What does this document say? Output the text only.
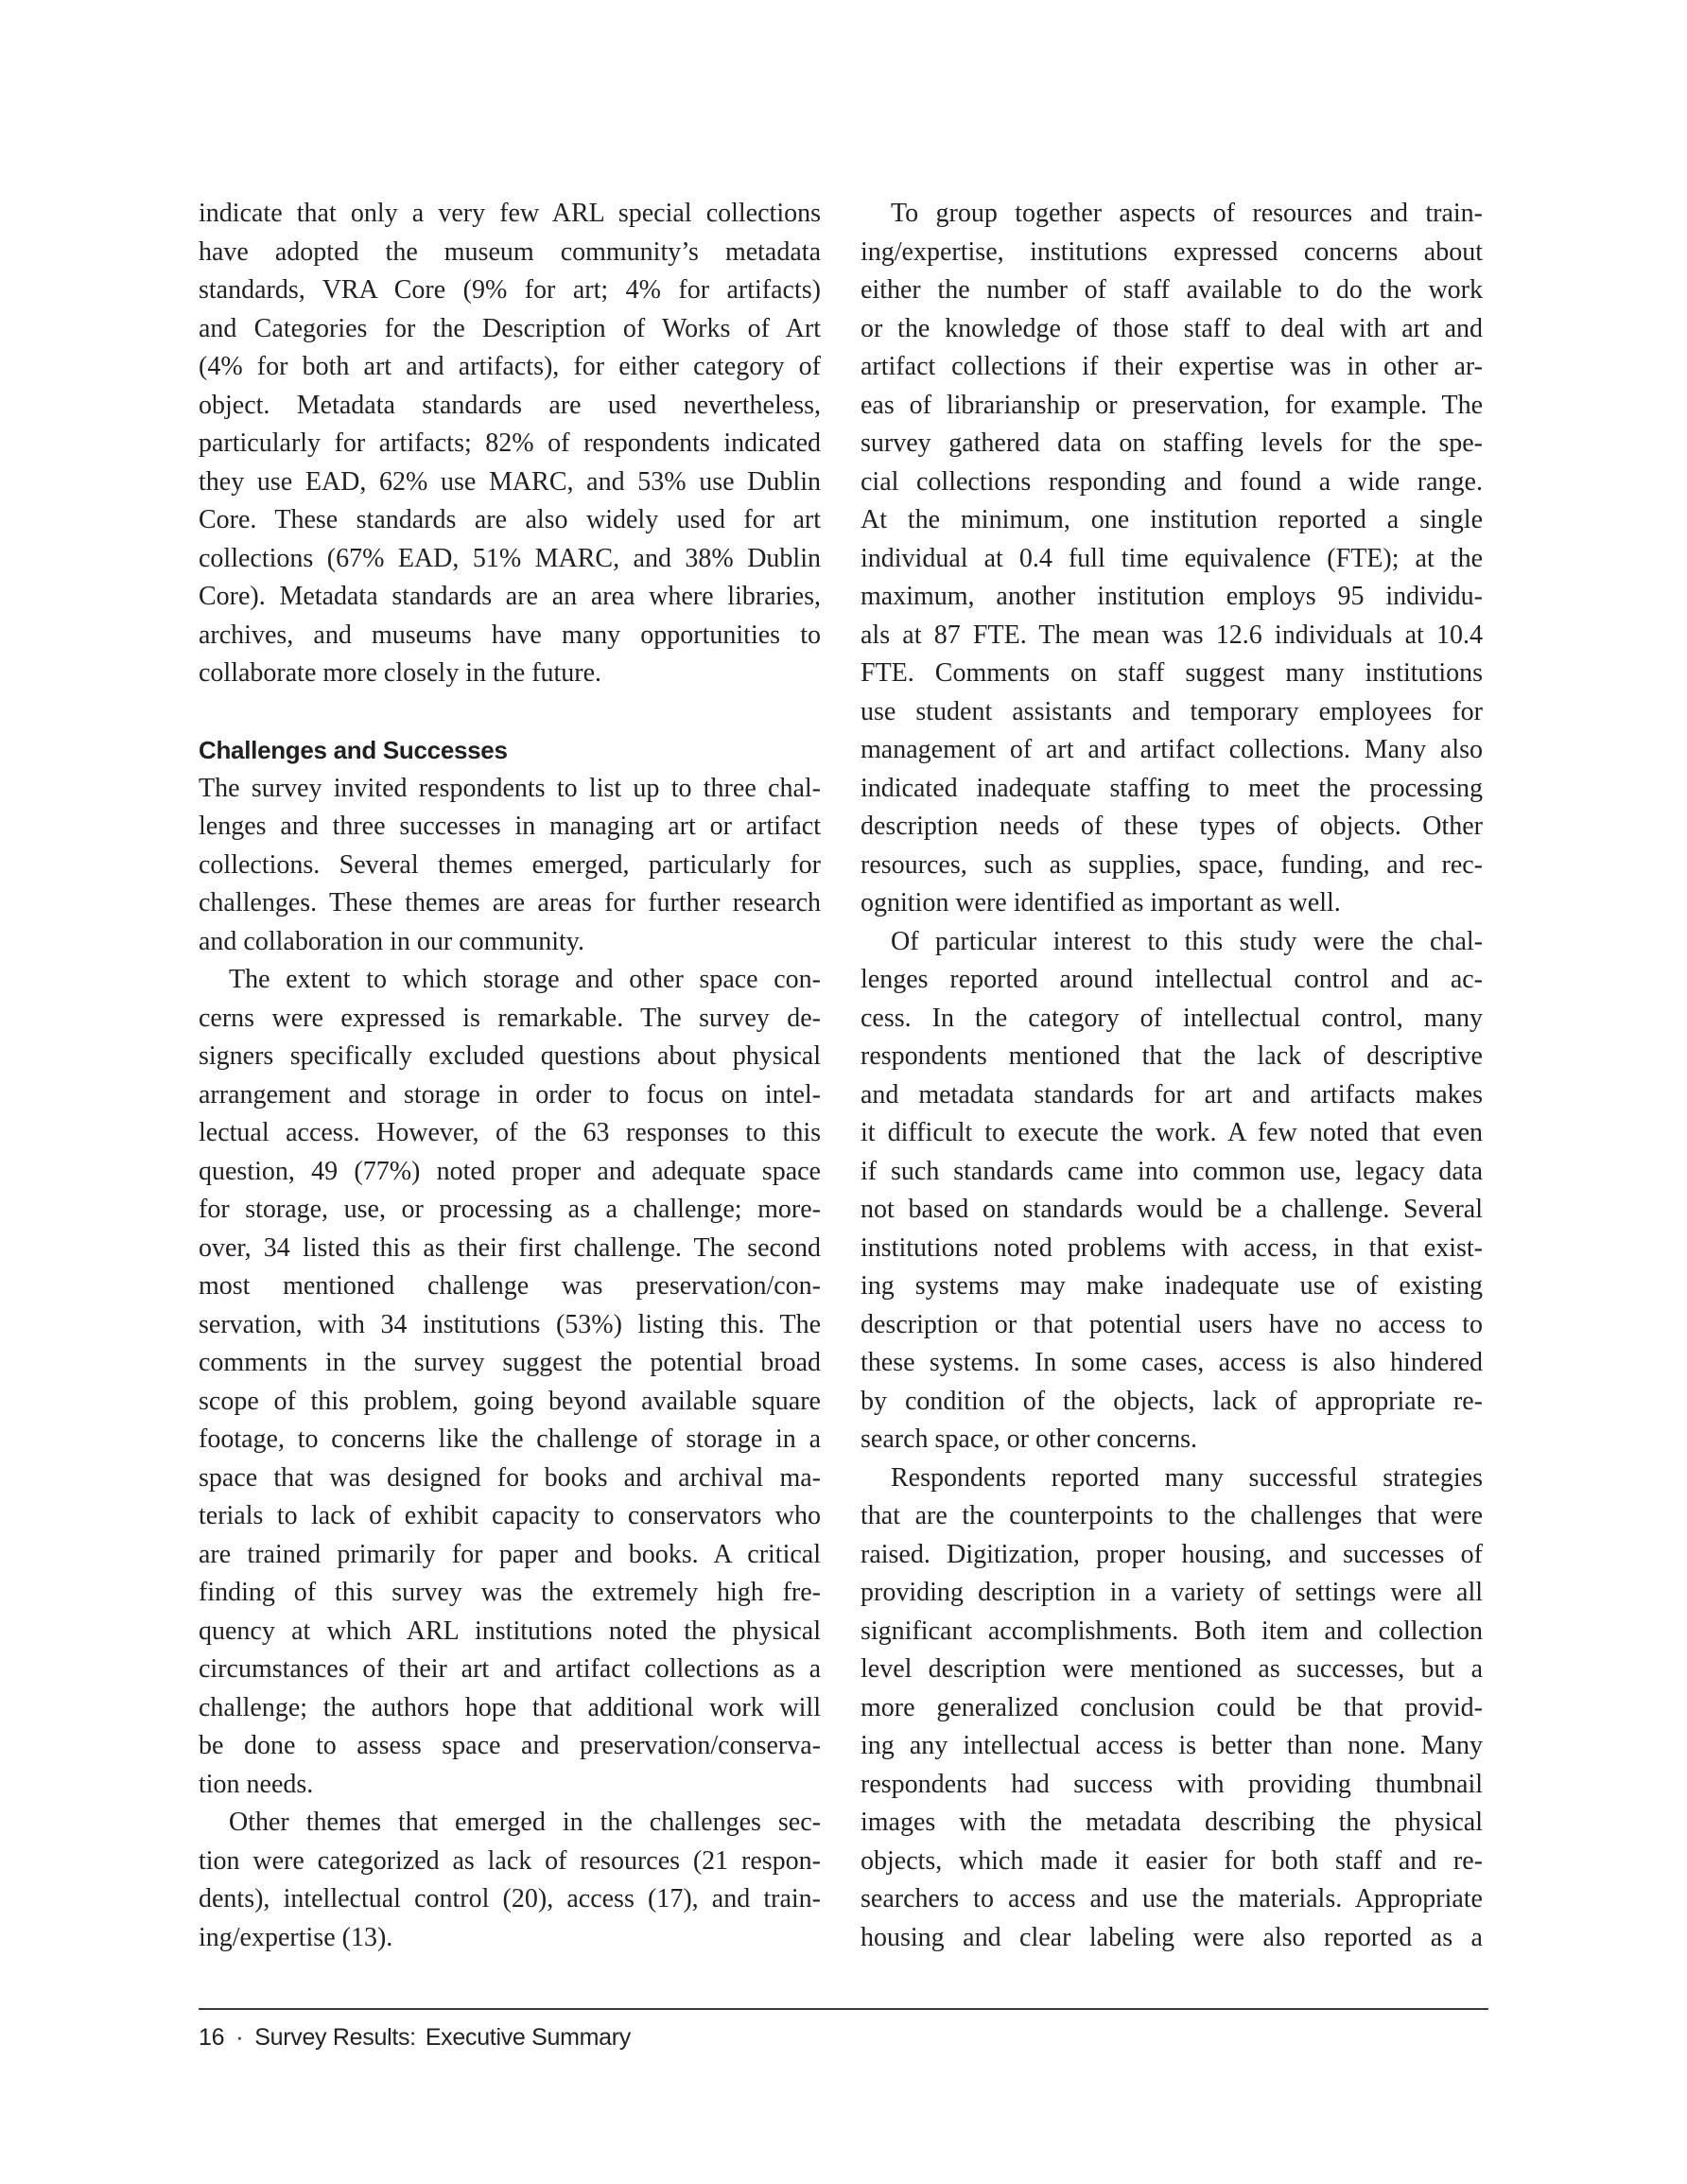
indicate that only a very few ARL special collections
have adopted the museum community’s metadata
standards, VRA Core (9% for art; 4% for artifacts)
and Categories for the Description of Works of Art
(4% for both art and artifacts), for either category of
object. Metadata standards are used nevertheless,
particularly for artifacts; 82% of respondents indicated
they use EAD, 62% use MARC, and 53% use Dublin
Core. These standards are also widely used for art
collections (67% EAD, 51% MARC, and 38% Dublin
Core). Metadata standards are an area where libraries,
archives, and museums have many opportunities to
collaborate more closely in the future.
Challenges and Successes
The survey invited respondents to list up to three chal-
lenges and three successes in managing art or artifact
collections. Several themes emerged, particularly for
challenges. These themes are areas for further research
and collaboration in our community.
The extent to which storage and other space con-
cerns were expressed is remarkable. The survey de-
signers specifically excluded questions about physical
arrangement and storage in order to focus on intel-
lectual access. However, of the 63 responses to this
question, 49 (77%) noted proper and adequate space
for storage, use, or processing as a challenge; more-
over, 34 listed this as their first challenge. The second
most mentioned challenge was preservation/con-
servation, with 34 institutions (53%) listing this. The
comments in the survey suggest the potential broad
scope of this problem, going beyond available square
footage, to concerns like the challenge of storage in a
space that was designed for books and archival ma-
terials to lack of exhibit capacity to conservators who
are trained primarily for paper and books. A critical
finding of this survey was the extremely high fre-
quency at which ARL institutions noted the physical
circumstances of their art and artifact collections as a
challenge; the authors hope that additional work will
be done to assess space and preservation/conserva-
tion needs.
Other themes that emerged in the challenges sec-
tion were categorized as lack of resources (21 respon-
dents), intellectual control (20), access (17), and train-
ing/expertise (13).
To group together aspects of resources and train-
ing/expertise, institutions expressed concerns about
either the number of staff available to do the work
or the knowledge of those staff to deal with art and
artifact collections if their expertise was in other ar-
eas of librarianship or preservation, for example. The
survey gathered data on staffing levels for the spe-
cial collections responding and found a wide range.
At the minimum, one institution reported a single
individual at 0.4 full time equivalence (FTE); at the
maximum, another institution employs 95 individu-
als at 87 FTE. The mean was 12.6 individuals at 10.4
FTE. Comments on staff suggest many institutions
use student assistants and temporary employees for
management of art and artifact collections. Many also
indicated inadequate staffing to meet the processing
description needs of these types of objects. Other
resources, such as supplies, space, funding, and rec-
ognition were identified as important as well.
Of particular interest to this study were the chal-
lenges reported around intellectual control and ac-
cess. In the category of intellectual control, many
respondents mentioned that the lack of descriptive
and metadata standards for art and artifacts makes
it difficult to execute the work. A few noted that even
if such standards came into common use, legacy data
not based on standards would be a challenge. Several
institutions noted problems with access, in that exist-
ing systems may make inadequate use of existing
description or that potential users have no access to
these systems. In some cases, access is also hindered
by condition of the objects, lack of appropriate re-
search space, or other concerns.
Respondents reported many successful strategies
that are the counterpoints to the challenges that were
raised. Digitization, proper housing, and successes of
providing description in a variety of settings were all
significant accomplishments. Both item and collection
level description were mentioned as successes, but a
more generalized conclusion could be that provid-
ing any intellectual access is better than none. Many
respondents had success with providing thumbnail
images with the metadata describing the physical
objects, which made it easier for both staff and re-
searchers to access and use the materials. Appropriate
housing and clear labeling were also reported as a
16 · Survey Results: Executive Summary
